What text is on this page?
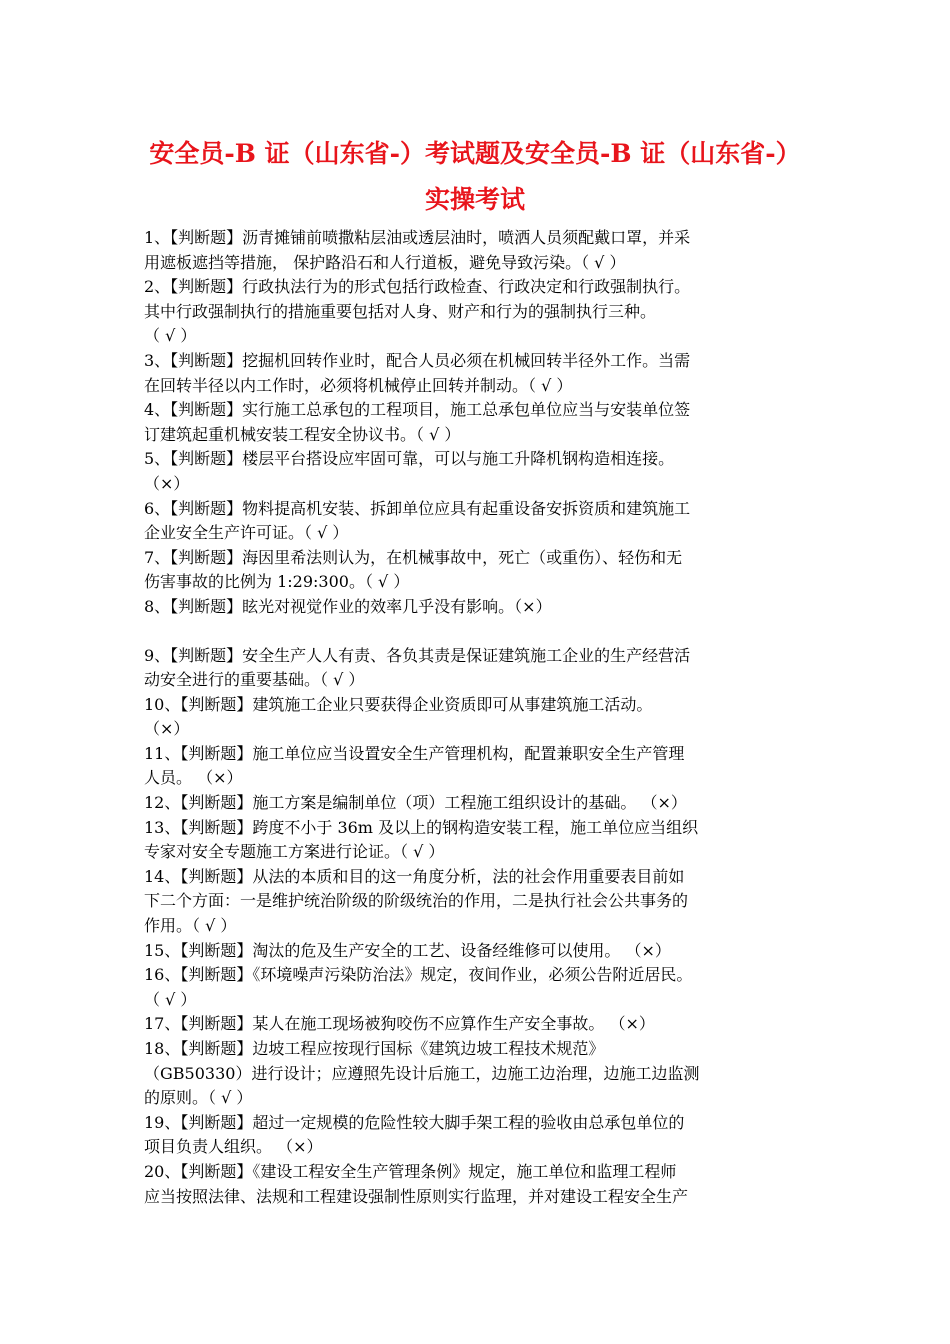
安全员-B 证（山东省-）考试题及安全员-B 证（山东省-）
实操考试
1、【判断题】沥青摊铺前喷撒粘层油或透层油时，喷洒人员须配戴口罩，并采
用遮板遮挡等措施， 保护路沿石和人行道板，避免导致污染。（ √ ）
2、【判断题】行政执法行为的形式包括行政检查、行政决定和行政强制执行。
其中行政强制执行的措施重要包括对人身、财产和行为的强制执行三种。
（ √ ）
3、【判断题】挖掘机回转作业时，配合人员必须在机械回转半径外工作。当需
在回转半径以内工作时，必须将机械停止回转并制动。（ √ ）
4、【判断题】实行施工总承包的工程项目，施工总承包单位应当与安装单位签
订建筑起重机械安装工程安全协议书。（ √ ）
5、【判断题】楼层平台搭设应牢固可靠，可以与施工升降机钢构造相连接。
（×）
6、【判断题】物料提高机安装、拆卸单位应具有起重设备安拆资质和建筑施工
企业安全生产许可证。（ √ ）
7、【判断题】海因里希法则认为，在机械事故中，死亡（或重伤）、轻伤和无
伤害事故的比例为 1:29:300。（ √ ）
8、【判断题】眩光对视觉作业的效率几乎没有影响。（×）
9、【判断题】安全生产人人有责、各负其责是保证建筑施工企业的生产经营活
动安全进行的重要基础。（ √ ）
10、【判断题】建筑施工企业只要获得企业资质即可从事建筑施工活动。
（×）
11、【判断题】施工单位应当设置安全生产管理机构，配置兼职安全生产管理
人员。 （×）
12、【判断题】施工方案是编制单位（项）工程施工组织设计的基础。 （×）
13、【判断题】跨度不小于 36m 及以上的钢构造安装工程，施工单位应当组织
专家对安全专题施工方案进行论证。（ √ ）
14、【判断题】从法的本质和目的这一角度分析，法的社会作用重要表目前如
下二个方面：一是维护统治阶级的阶级统治的作用，二是执行社会公共事务的
作用。（ √ ）
15、【判断题】淘汰的危及生产安全的工艺、设备经维修可以使用。 （×）
16、【判断题】《环境噪声污染防治法》规定，夜间作业，必须公告附近居民。
（ √ ）
17、【判断题】某人在施工现场被狗咬伤不应算作生产安全事故。 （×）
18、【判断题】边坡工程应按现行国标《建筑边坡工程技术规范》
（GB50330）进行设计；应遵照先设计后施工，边施工边治理，边施工边监测
的原则。（ √ ）
19、【判断题】超过一定规模的危险性较大脚手架工程的验收由总承包单位的
项目负责人组织。 （×）
20、【判断题】《建设工程安全生产管理条例》规定，施工单位和监理工程师
应当按照法律、法规和工程建设强制性原则实行监理，并对建设工程安全生产
